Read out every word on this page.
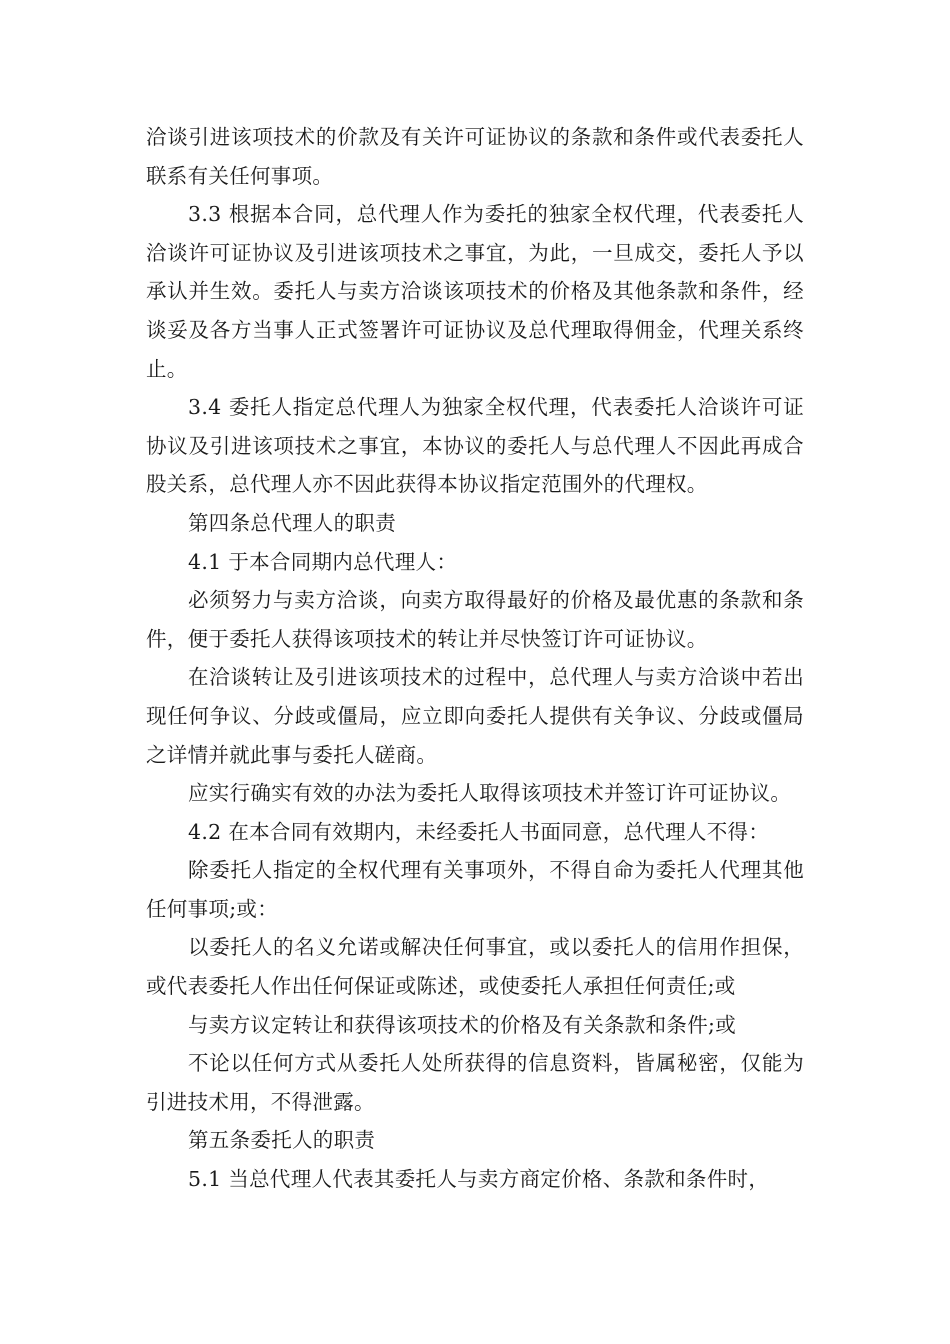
洽谈引进该项技术的价款及有关许可证协议的条款和条件或代表委托人联系有关任何事项。

3.3 根据本合同，总代理人作为委托的独家全权代理，代表委托人洽谈许可证协议及引进该项技术之事宜，为此，一旦成交，委托人予以承认并生效。委托人与卖方洽谈该项技术的价格及其他条款和条件，经谈妥及各方当事人正式签署许可证协议及总代理取得佣金，代理关系终止。

3.4 委托人指定总代理人为独家全权代理，代表委托人洽谈许可证协议及引进该项技术之事宜，本协议的委托人与总代理人不因此再成合股关系，总代理人亦不因此获得本协议指定范围外的代理权。

第四条总代理人的职责

4.1 于本合同期内总代理人：

必须努力与卖方洽谈，向卖方取得最好的价格及最优惠的条款和条件，便于委托人获得该项技术的转让并尽快签订许可证协议。

在洽谈转让及引进该项技术的过程中，总代理人与卖方洽谈中若出现任何争议、分歧或僵局，应立即向委托人提供有关争议、分歧或僵局之详情并就此事与委托人磋商。

应实行确实有效的办法为委托人取得该项技术并签订许可证协议。

4.2 在本合同有效期内，未经委托人书面同意，总代理人不得：

除委托人指定的全权代理有关事项外，不得自命为委托人代理其他任何事项;或：

以委托人的名义允诺或解决任何事宜，或以委托人的信用作担保，或代表委托人作出任何保证或陈述，或使委托人承担任何责任;或

与卖方议定转让和获得该项技术的价格及有关条款和条件;或

不论以任何方式从委托人处所获得的信息资料，皆属秘密，仅能为引进技术用，不得泄露。

第五条委托人的职责

5.1 当总代理人代表其委托人与卖方商定价格、条款和条件时，
